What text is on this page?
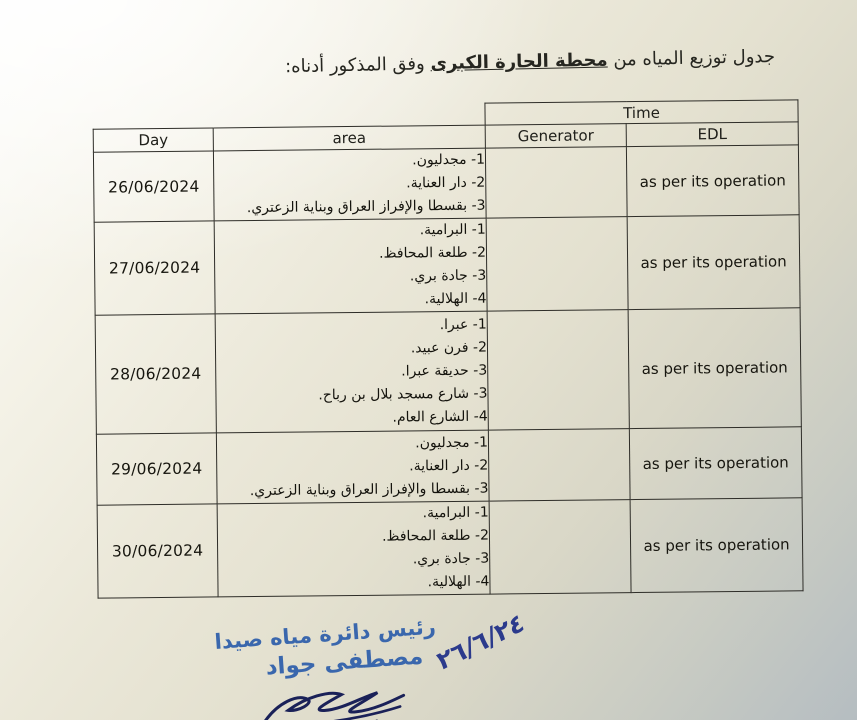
جدول توزيع المياه من محطة الحارة الكبرى وفق المذكور أدناه:
		Time	
Day	area	Generator	EDL
26/06/2024	1- مجدليون.
2- دار العناية.
3- بقسطا والإفراز العراق وبناية الزعتري.		as per its operation
27/06/2024	1- البرامية.
2- طلعة المحافظ.
3- جادة بري.
4- الهلالية.		as per its operation
28/06/2024	1- عبرا.
2- فرن عبيد.
3- حديقة عبرا.
3- شارع مسجد بلال بن رباح.
4- الشارع العام.		as per its operation
29/06/2024	1- مجدليون.
2- دار العناية.
3- بقسطا والإفراز العراق وبناية الزعتري.		as per its operation
30/06/2024	1- البرامية.
2- طلعة المحافظ.
3- جادة بري.
4- الهلالية.		as per its operation
٢٦/٦/٢٤
رئيس دائرة مياه صيدا
مصطفى جواد
